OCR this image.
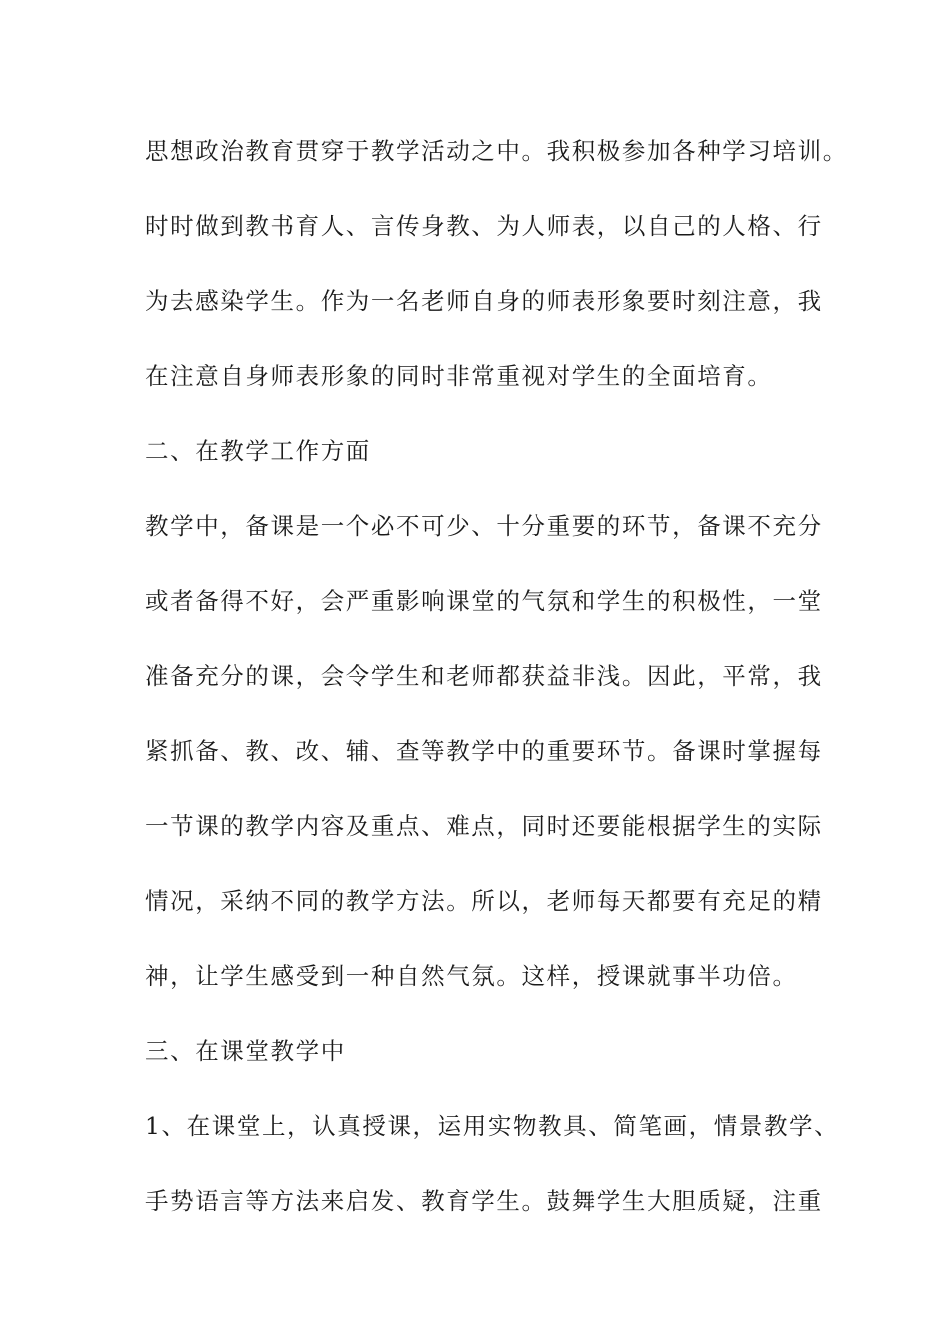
思想政治教育贯穿于教学活动之中。我积极参加各种学习培训。
时时做到教书育人、言传身教、为人师表，以自己的人格、行
为去感染学生。作为一名老师自身的师表形象要时刻注意，我
在注意自身师表形象的同时非常重视对学生的全面培育。
二、在教学工作方面
教学中，备课是一个必不可少、十分重要的环节，备课不充分
或者备得不好，会严重影响课堂的气氛和学生的积极性，一堂
准备充分的课，会令学生和老师都获益非浅。因此，平常，我
紧抓备、教、改、辅、查等教学中的重要环节。备课时掌握每
一节课的教学内容及重点、难点，同时还要能根据学生的实际
情况，采纳不同的教学方法。所以，老师每天都要有充足的精
神，让学生感受到一种自然气氛。这样，授课就事半功倍。
三、在课堂教学中
1、在课堂上，认真授课，运用实物教具、简笔画，情景教学、
手势语言等方法来启发、教育学生。鼓舞学生大胆质疑，注重
